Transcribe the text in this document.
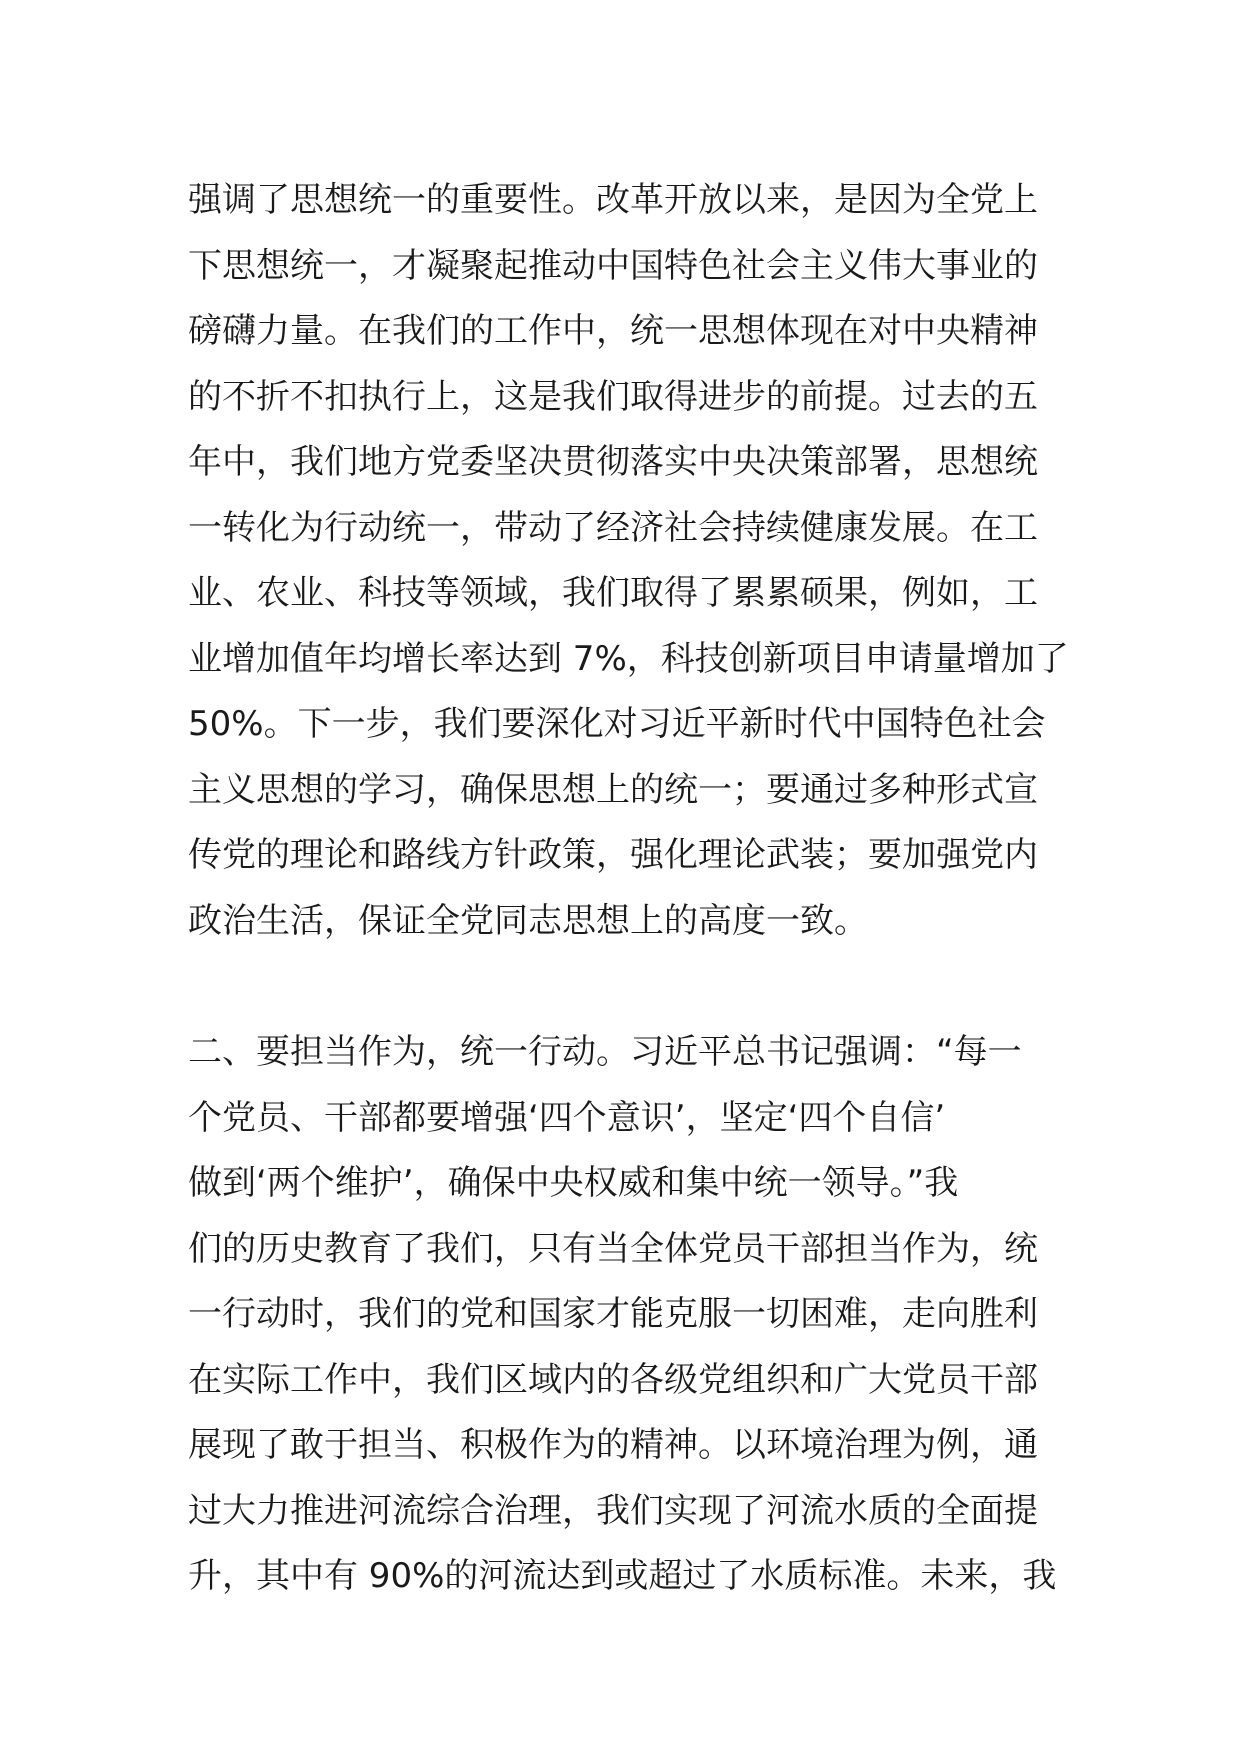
强调了思想统一的重要性。改革开放以来，是因为全党上
下思想统一，才凝聚起推动中国特色社会主义伟大事业的
磅礴力量。在我们的工作中，统一思想体现在对中央精神
的不折不扣执行上，这是我们取得进步的前提。过去的五
年中，我们地方党委坚决贯彻落实中央决策部署，思想统
一转化为行动统一，带动了经济社会持续健康发展。在工
业、农业、科技等领域，我们取得了累累硕果，例如，工
业增加值年均增长率达到 7%，科技创新项目申请量增加了
50%。下一步，我们要深化对习近平新时代中国特色社会
主义思想的学习，确保思想上的统一；要通过多种形式宣
传党的理论和路线方针政策，强化理论武装；要加强党内
政治生活，保证全党同志思想上的高度一致。
二、要担当作为，统一行动。习近平总书记强调：“每一
个党员、干部都要增强‘四个意识’，坚定‘四个自信’
做到‘两个维护’，确保中央权威和集中统一领导。”我
们的历史教育了我们，只有当全体党员干部担当作为，统
一行动时，我们的党和国家才能克服一切困难，走向胜利
在实际工作中，我们区域内的各级党组织和广大党员干部
展现了敢于担当、积极作为的精神。以环境治理为例，通
过大力推进河流综合治理，我们实现了河流水质的全面提
升，其中有 90%的河流达到或超过了水质标准。未来，我
